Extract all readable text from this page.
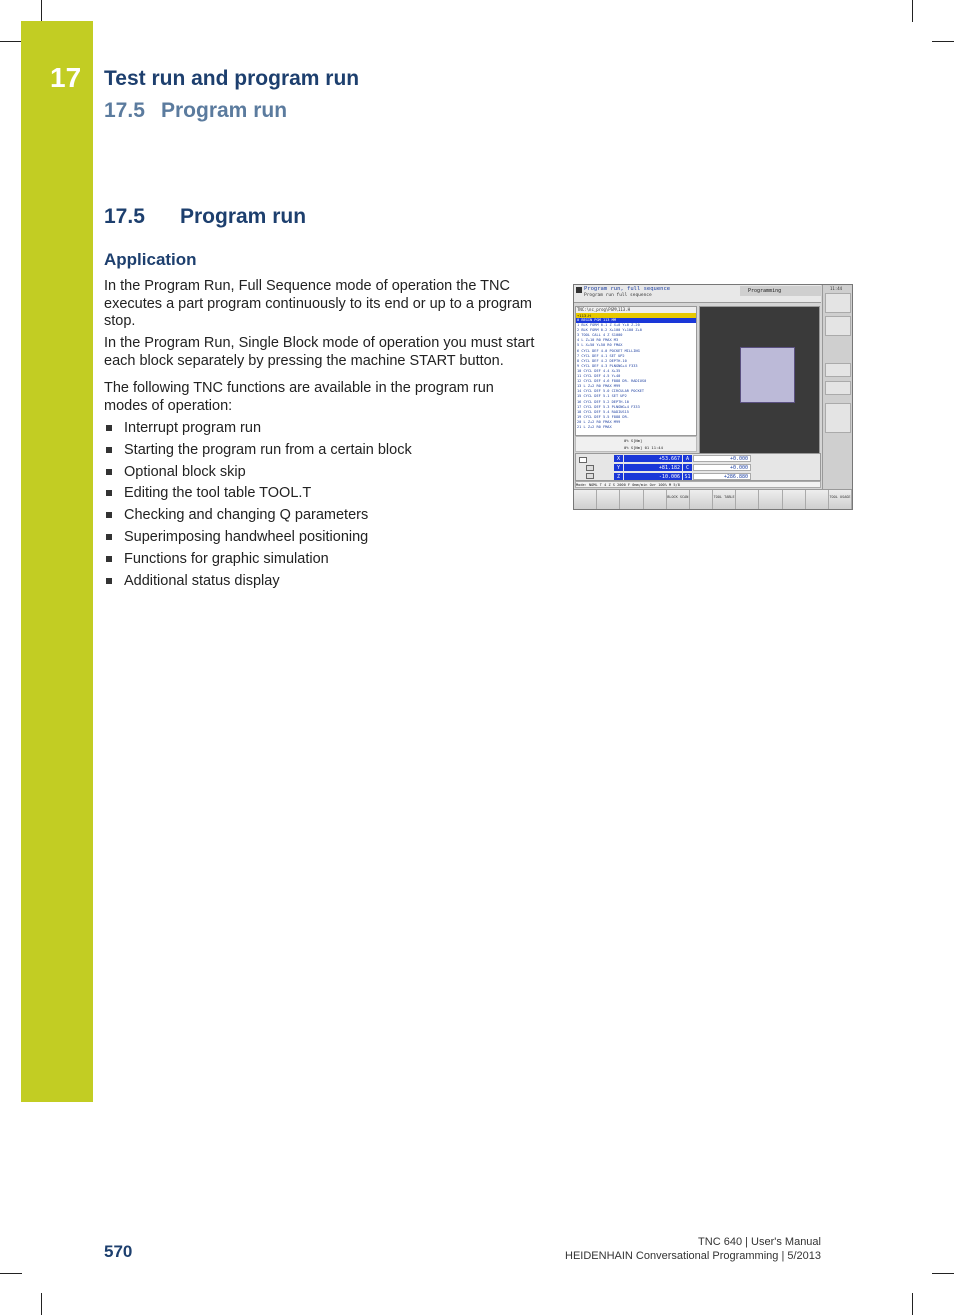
17 Test run and program run
17.5 Program run
17.5 Program run
Application
In the Program Run, Full Sequence mode of operation the TNC executes a part program continuously to its end or up to a program stop.
In the Program Run, Single Block mode of operation you must start each block separately by pressing the machine START button.
The following TNC functions are available in the program run modes of operation:
Interrupt program run
Starting the program run from a certain block
Optional block skip
Editing the tool table TOOL.T
Checking and changing Q parameters
Superimposing handwheel positioning
Functions for graphic simulation
Additional status display
Program run, full sequence
Program run full sequence
Programming
TNC:\nc_prog\PGM\113.H
→113.H
0 BEGIN PGM 113 MM
1 BLK FORM 0.1 Z X+0 Y+0 Z-20
2 BLK FORM 0.2 X+100 Y+100 Z+0
3 TOOL CALL 4 Z S1000
4 L Z+10 R0 FMAX M3
5 L X+50 Y+50 R0 FMAX
6 CYCL DEF 4.0 POCKET MILLING
7 CYCL DEF 4.1 SET UP2
8 CYCL DEF 4.2 DEPTH-10
9 CYCL DEF 4.3 PLNGNG+4 F333
10 CYCL DEF 4.4 X+35
11 CYCL DEF 4.5 Y+40
12 CYCL DEF 4.6 F888 DR- RADIUS0
13 L Z+2 R0 FMAX M99
14 CYCL DEF 5.0 CIRCULAR POCKET
15 CYCL DEF 5.1 SET UP2
16 CYCL DEF 5.2 DEPTH-10
17 CYCL DEF 5.3 PLNGNG+4 F333
18 CYCL DEF 5.4 RADIUS15
19 CYCL DEF 5.5 F888 DR-
20 L Z+2 R0 FMAX M99
21 L Z+2 R0 FMAX
0% S[Nm]
0% S[Nm] 01 11:44
X	+53.667	A	+0.000
Y	+81.182	C	+0.000
Z	-10.006 S1	+286.880
Mode: NOML T 4 Z S 2000 F 0mm/min Ovr 100% M 5/8
11:44
BLOCK SCAN	TOOL TABLE	TOOL USAGE
570	TNC 640 | User's Manual
HEIDENHAIN Conversational Programming | 5/2013
